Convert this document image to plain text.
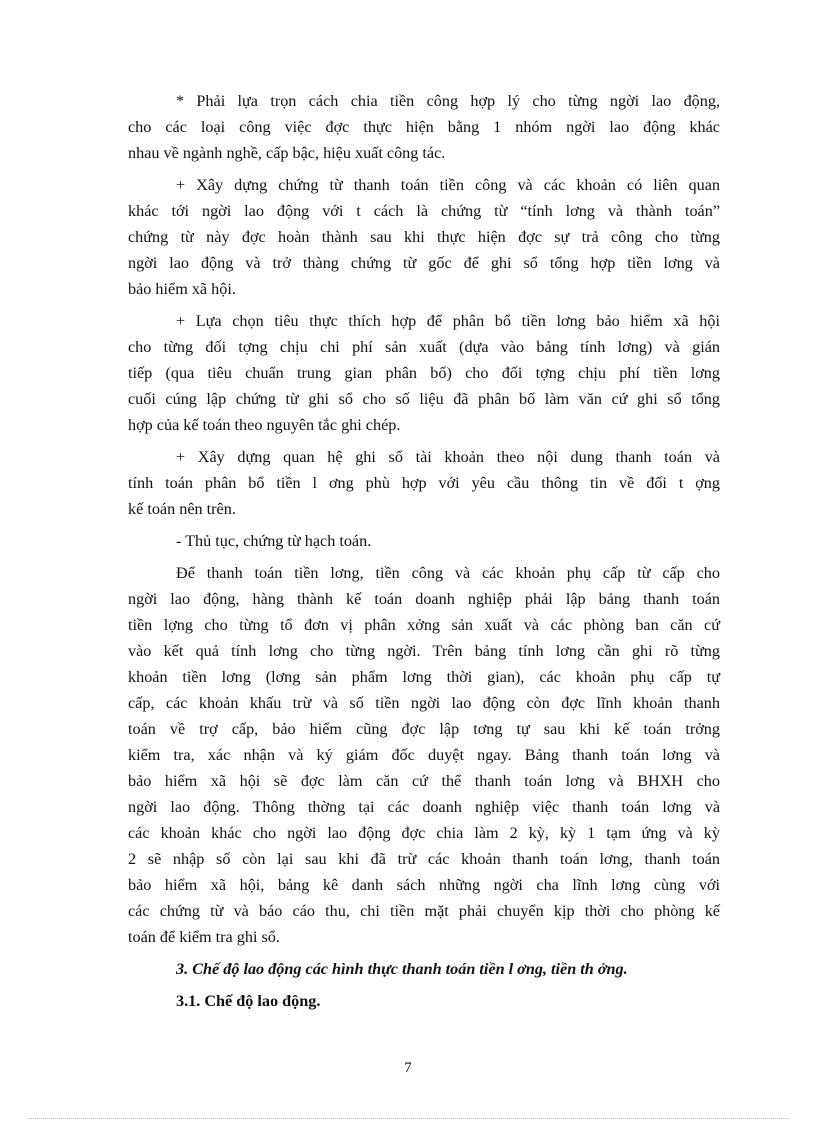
* Phải lựa trọn cách chia tiền công hợp lý cho từng ngời lao động,
cho các loại công việc đợc thực hiện bằng 1 nhóm ngời lao động khác
nhau về ngành nghề, cấp bậc, hiệu xuất công tác.
+ Xây dựng chứng từ thanh toán tiền công và các khoản có liên quan
khác tới ngời lao động với t cách là chứng từ “tính lơng và thành toán”
chứng từ này đợc hoàn thành sau khi thực hiện đợc sự trả công cho từng
ngời lao động và trở thàng chứng từ gốc để ghi sổ tổng hợp tiền lơng và
bảo hiểm xã hội.
+ Lựa chọn tiêu thực thích hợp để phân bổ tiền lơng bảo hiểm xã hội
cho từng đối tợng chịu chi phí sản xuất (dựa vào bảng tính lơng) và gián
tiếp (qua tiêu chuẩn trung gian phân bổ) cho đối tợng chịu phí tiền lơng
cuối cúng lập chứng từ ghi sổ cho số liệu đã phân bổ làm văn cứ ghi sổ tổng
hợp của kế toán theo nguyên tắc ghi chép.
+ Xây dựng quan hệ ghi sổ tài khoản theo nội dung thanh toán và
tính toán phân bổ tiền l ơng phù hợp với yêu cầu thông tin về đối t ợng
kế toán nên trên.
- Thủ tục, chứng từ hạch toán.
Để thanh toán tiền lơng, tiền công và các khoản phụ cấp từ cấp cho
ngời lao động, hàng thành kế toán doanh nghiệp phải lập bảng thanh toán
tiền lợng cho từng tổ đơn vị phân xởng sản xuất và các phòng ban căn cứ
vào kết quả tính lơng cho từng ngời. Trên bảng tính lơng cần ghi rõ từng
khoản tiền lơng (lơng sản phẩm lơng thời gian), các khoản phụ cấp tự
cấp, các khoản khấu trừ và số tiền ngời lao động còn đợc lĩnh khoản thanh
toán về trợ cấp, bảo hiểm cũng đợc lập tơng tự sau khi kế toán trởng
kiểm tra, xác nhận và ký giám đốc duyệt ngay. Bảng thanh toán lơng và
bảo hiểm xã hội sẽ đợc làm căn cứ thể thanh toán lơng và BHXH cho
ngời lao động. Thông thờng tại các doanh nghiệp việc thanh toán lơng và
các khoản khác cho ngời lao động đợc chia làm 2 kỳ, kỳ 1 tạm ứng và kỳ
2 sẽ nhập số còn lại sau khi đã trừ các khoản thanh toán lơng, thanh toán
bảo hiểm xã hội, bảng kê danh sách những ngời cha lĩnh lơng cùng với
các chứng từ và báo cáo thu, chi tiền mặt phải chuyển kịp thời cho phòng kế
toán để kiểm tra ghi sổ.
3. Chế độ lao động các hình thực thanh toán tiền l ơng, tiền th ởng.
3.1. Chế độ lao động.
7
